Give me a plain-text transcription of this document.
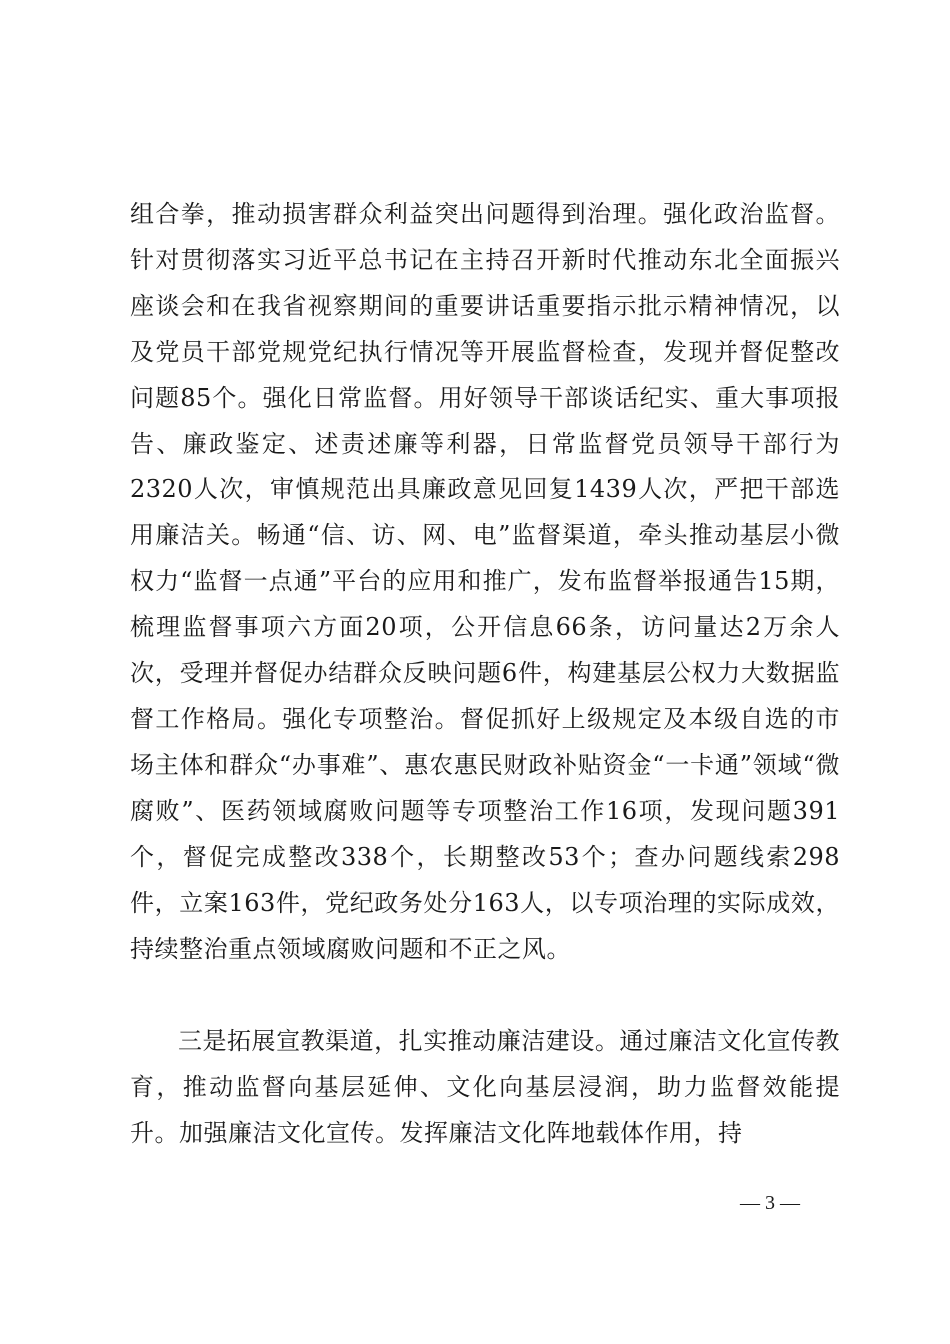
组合拳，推动损害群众利益突出问题得到治理。强化政治监督。针对贯彻落实习近平总书记在主持召开新时代推动东北全面振兴座谈会和在我省视察期间的重要讲话重要指示批示精神情况，以及党员干部党规党纪执行情况等开展监督检查，发现并督促整改问题85个。强化日常监督。用好领导干部谈话纪实、重大事项报告、廉政鉴定、述责述廉等利器，日常监督党员领导干部行为2320人次，审慎规范出具廉政意见回复1439人次，严把干部选用廉洁关。畅通“信、访、网、电”监督渠道，牵头推动基层小微权力“监督一点通”平台的应用和推广，发布监督举报通告15期，梳理监督事项六方面20项，公开信息66条，访问量达2万余人次，受理并督促办结群众反映问题6件，构建基层公权力大数据监督工作格局。强化专项整治。督促抓好上级规定及本级自选的市场主体和群众“办事难”、惠农惠民财政补贴资金“一卡通”领域“微腐败”、医药领域腐败问题等专项整治工作16项，发现问题391个，督促完成整改338个，长期整改53个；查办问题线索298件，立案163件，党纪政务处分163人，以专项治理的实际成效，持续整治重点领域腐败问题和不正之风。
三是拓展宣教渠道，扎实推动廉洁建设。通过廉洁文化宣传教育，推动监督向基层延伸、文化向基层浸润，助力监督效能提升。加强廉洁文化宣传。发挥廉洁文化阵地载体作用，持
— 3 —
